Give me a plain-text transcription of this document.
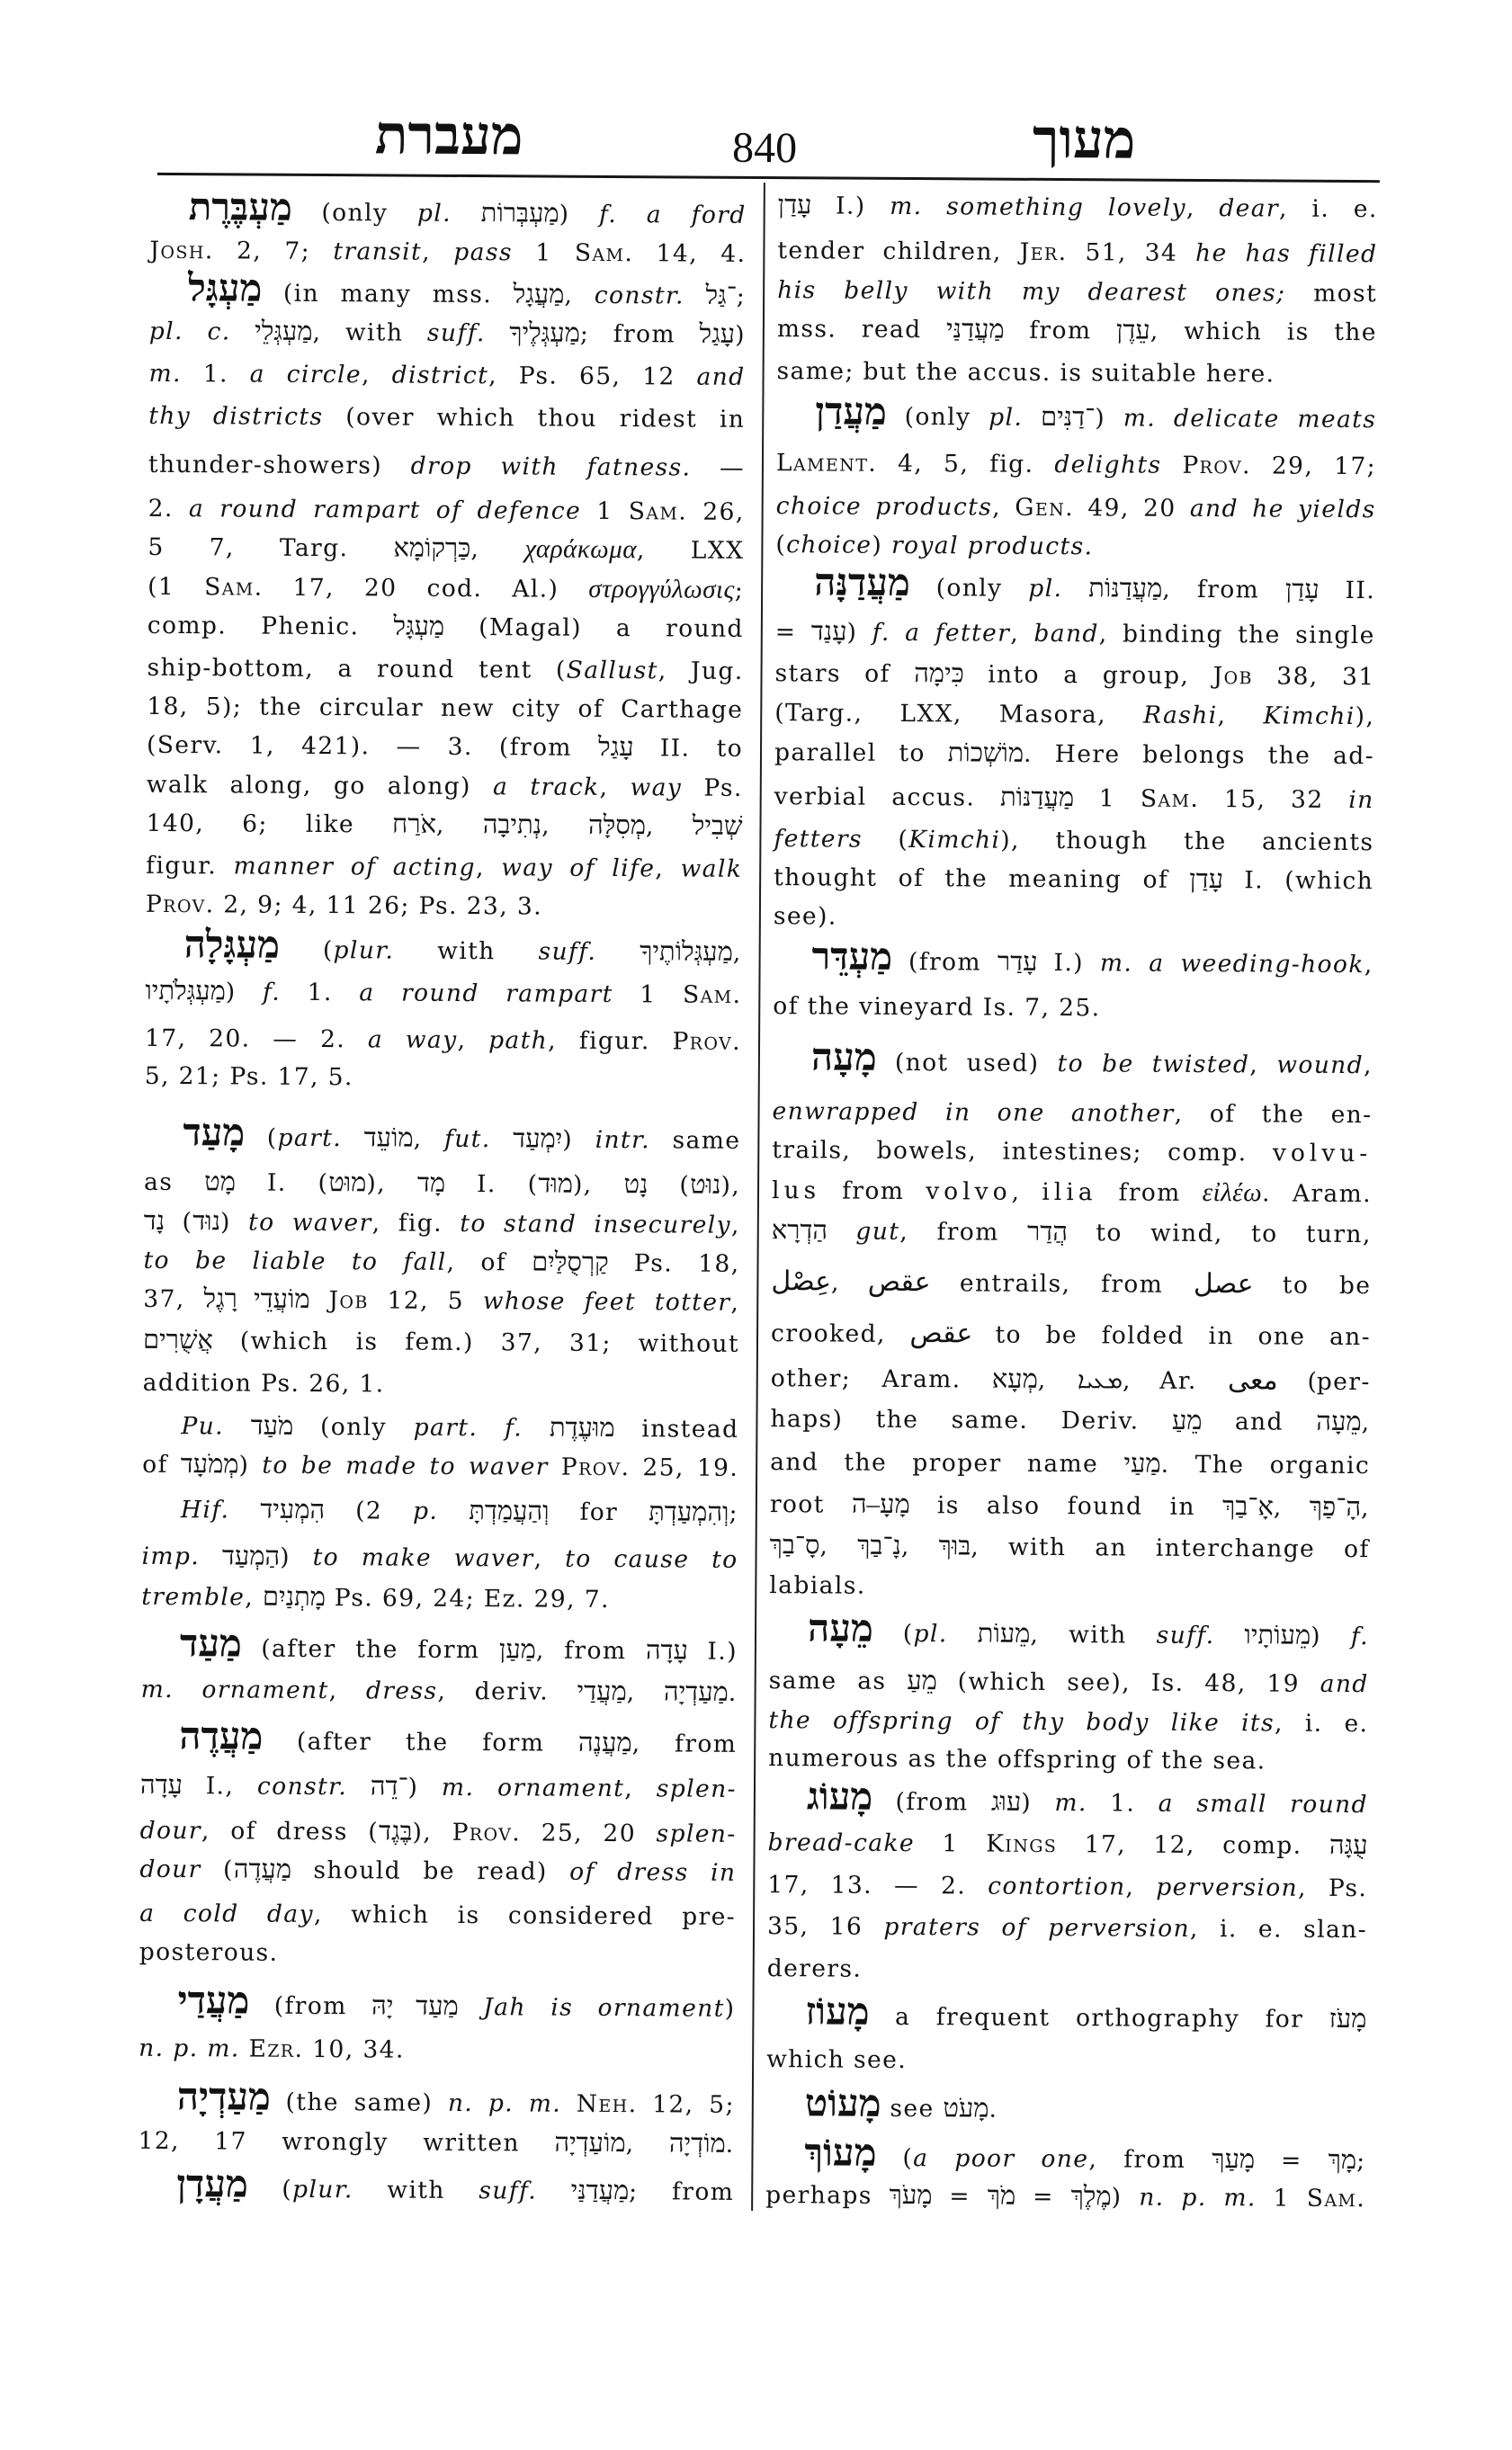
מעברת	840	מעוך
מַעְבֶּרֶת (only pl. מַעְבְּרוֹת) f. a ford
Josh. 2, 7; transit, pass 1 Sam. 14, 4.
מַעְגָּל (in many mss. מַעֲגָל, constr. ־גַּל;
pl. c. מַעְגְּלֵי, with suff. מַעְגְּלֶיךָ; from עָגַל)
m. 1. a circle, district, Ps. 65, 12 and
thy districts (over which thou ridest in
thunder-showers) drop with fatness. —
2. a round rampart of defence 1 Sam. 26,
5 7, Targ. כַּרְקוֹמָא, χαράκωμα, LXX
(1 Sam. 17, 20 cod. Al.) στρογγύλωσις;
comp. Phenic. מַעְגָּל (Magal) a round
ship-bottom, a round tent (Sallust, Jug.
18, 5); the circular new city of Carthage
(Serv. 1, 421). — 3. (from עָגַל II. to
walk along, go along) a track, way Ps.
140, 6; like אֹרַח, נְתִיבָה, מְסִלָּה, שְׁבִיל
figur. manner of acting, way of life, walk
Prov. 2, 9; 4, 11 26; Ps. 23, 3.
מַעְגָּלָה (plur. with suff. מַעְגְּלוֹתֶיךָ,
מַעְגְּלֹתָיו) f. 1. a round rampart 1 Sam.
17, 20. — 2. a way, path, figur. Prov.
5, 21; Ps. 17, 5.
מָעַד (part. מוֹעֵד, fut. יִמְעַד) intr. same
as מָט I. (מוּט), מָד I. (מוּד), נָט (נוּט),
נָד (נוּד) to waver, fig. to stand insecurely,
to be liable to fall, of קַרְסֻלַּיִם Ps. 18,
37, מוֹעֲדֵי רָגֶל Job 12, 5 whose feet totter,
אֲשֻׁרִים (which is fem.) 37, 31; without
addition Ps. 26, 1.
Pu. מֹעַד (only part. f. מוּעֶדֶת instead
of מְמֹעָד) to be made to waver Prov. 25, 19.
Hif. הִמְעִיד (2 p. וְהַעֲמַדְתָּ for וְהִמְעַדְתָּ;
imp. הַמְעַד) to make waver, to cause to
tremble, מָתְנַיִם Ps. 69, 24; Ez. 29, 7.
מַעַד (after the form מַעַן, from עָדָה I.)
m. ornament, dress, deriv. מַעֲדַי, מַעַדְיָה.
מַעֲדֶה (after the form מַעֲנֶה, from
עָדָה I., constr. ־דֵה) m. ornament, splen-
dour, of dress (בֶּגֶד), Prov. 25, 20 splen-
dour (מַעֲדֶה should be read) of dress in
a cold day, which is considered pre-
posterous.
מַעֲדַי (from מַעַד יָהּ Jah is ornament)
n. p. m. Ezr. 10, 34.
מַעַדְיָה (the same) n. p. m. Neh. 12, 5;
12, 17 wrongly written מוֹעַדְיָה, מוֹדְיָה.
מַעֲדָן (plur. with suff. מַעֲדַנַּי; from
עָדַן I.) m. something lovely, dear, i. e.
tender children, Jer. 51, 34 he has filled
his belly with my dearest ones; most
mss. read מַעֲדַנַּי from עֵדֶן, which is the
same; but the accus. is suitable here.
מַעֲדַן (only pl. ־דַנִּים) m. delicate meats
Lament. 4, 5, fig. delights Prov. 29, 17;
choice products, Gen. 49, 20 and he yields
(choice) royal products.
מַעֲדַנָּה (only pl. מַעֲדַנּוֹת, from עָדַן II.
= עָנַד) f. a fetter, band, binding the single
stars of כִּימָה into a group, Job 38, 31
(Targ., LXX, Masora, Rashi, Kimchi),
parallel to מוֹשְׁכוֹת. Here belongs the ad-
verbial accus. מַעֲדַנּוֹת 1 Sam. 15, 32 in
fetters (Kimchi), though the ancients
thought of the meaning of עָדַן I. (which
see).
מַעְדֵּר (from עָדַר I.) m. a weeding-hook,
of the vineyard Is. 7, 25.
מָעָה (not used) to be twisted, wound,
enwrapped in one another, of the en-
trails, bowels, intestines; comp. volvu-
lus from volvo, ilia from εἰλέω. Aram.
הַדְרָא gut, from הֲדַר to wind, to turn,
عِصْل, عقص entrails, from عصل to be
crooked, عقص to be folded in one an-
other; Aram. מְעָא, ܡܥܝܐ, Ar. معى (per-
haps) the same. Deriv. מֵעַ and מֵעָה,
and the proper name מַעַי. The organic
root מָעָ–ה is also found in אָ־בַךְ, הָ־פַךְ,
סָ־בַךְ, נָ־בַךְ, בּוּךְ, with an interchange of
labials.
מֵעָה (pl. מֵעוֹת, with suff. מֵעוֹתָיו) f.
same as מֵעַ (which see), Is. 48, 19 and
the offspring of thy body like its, i. e.
numerous as the offspring of the sea.
מָעוֹג (from עוּג) m. 1. a small round
bread-cake 1 Kings 17, 12, comp. עֻגָּה
17, 13. — 2. contortion, perversion, Ps.
35, 16 praters of perversion, i. e. slan-
derers.
מָעוֹז a frequent orthography for מָעֹז
which see.
מָעוֹט see מָעֹט.
מָעוֹךְ (a poor one, from מָעַךְ = מָךְ;
perhaps מָעֹךְ = מֹךְ = מֶלֶךְ) n. p. m. 1 Sam.
